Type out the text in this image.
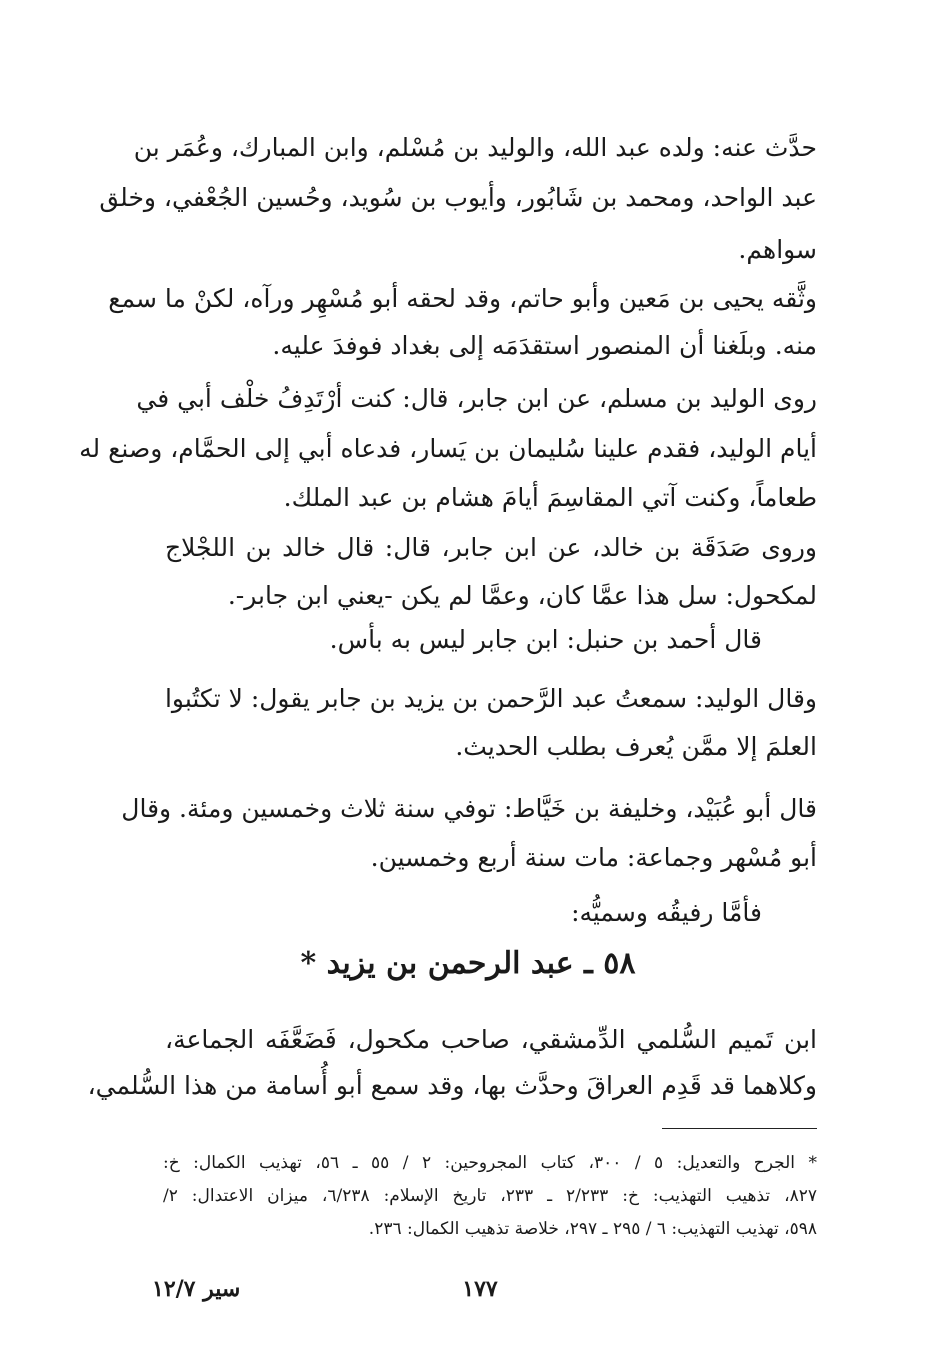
حدَّث عنه: ولده عبد الله، والوليد بن مُسْلم، وابن المبارك، وعُمَر بن
عبد الواحد، ومحمد بن شَابُور، وأيوب بن سُويد، وحُسين الجُعْفي، وخلق
سواهم.
وثَّقه يحيى بن مَعين وأبو حاتم، وقد لحقه أبو مُسْهِر ورآه، لكنْ ما سمع
منه. وبلَغنا أن المنصور استقدَمَه إلى بغداد فوفدَ عليه.
روى الوليد بن مسلم، عن ابن جابر، قال: كنت أرْتَدِفُ خلْف أبي في
أيام الوليد، فقدم علينا سُليمان بن يَسار، فدعاه أبي إلى الحمَّام، وصنع له
طعاماً، وكنت آتي المقاسِمَ أيامَ هشام بن عبد الملك.
وروى صَدَقَة بن خالد، عن ابن جابر، قال: قال خالد بن اللجْلاج
لمكحول: سل هذا عمَّا كان، وعمَّا لم يكن -يعني ابن جابر-.
قال أحمد بن حنبل: ابن جابر ليس به بأس.
وقال الوليد: سمعتُ عبد الرَّحمن بن يزيد بن جابر يقول: لا تكتُبوا
العلمَ إلا ممَّن يُعرف بطلب الحديث.
قال أبو عُبَيْد، وخليفة بن خَيَّاط: توفي سنة ثلاث وخمسين ومئة. وقال
أبو مُسْهر وجماعة: مات سنة أربع وخمسين.
فأمَّا رفيقُه وسميُّه:
٥٨ ـ عبد الرحمن بن يزيد *
ابن تَميم السُّلمي الدِّمشقي، صاحب مكحول، فَضَعَّفَه الجماعة،
وكلاهما قد قَدِم العراقَ وحدَّث بها، وقد سمع أبو أُسامة من هذا السُّلمي،
* الجرح والتعديل: ٥ / ٣٠٠، كتاب المجروحين: ٢ / ٥٥ ـ ٥٦، تهذيب الكمال: خ:
٨٢٧، تذهيب التهذيب: خ: ٢/٢٣٣ ـ ٢٣٣، تاريخ الإسلام: ٦/٢٣٨، ميزان الاعتدال: ٢/
٥٩٨، تهذيب التهذيب: ٦ / ٢٩٥ ـ ٢٩٧، خلاصة تذهيب الكمال: ٢٣٦.
١٧٧
سير ١٢/٧
